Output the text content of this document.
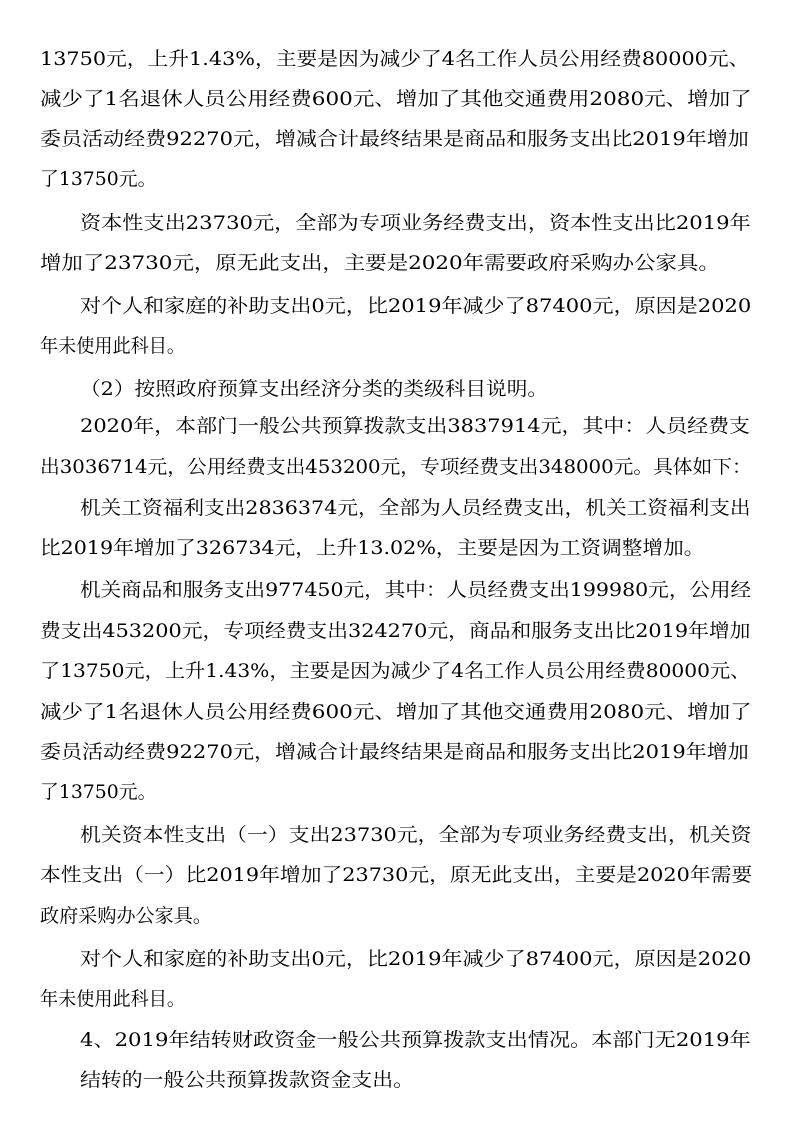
13750元，上升1.43%，主要是因为减少了4名工作人员公用经费80000元、
减少了1名退休人员公用经费600元、增加了其他交通费用2080元、增加了
委员活动经费92270元，增减合计最终结果是商品和服务支出比2019年增加
了13750元。
资本性支出23730元，全部为专项业务经费支出，资本性支出比2019年
增加了23730元，原无此支出，主要是2020年需要政府采购办公家具。
对个人和家庭的补助支出0元，比2019年减少了87400元，原因是2020
年未使用此科目。
（2）按照政府预算支出经济分类的类级科目说明。
2020年，本部门一般公共预算拨款支出3837914元，其中：人员经费支
出3036714元，公用经费支出453200元，专项经费支出348000元。具体如下：
机关工资福利支出2836374元，全部为人员经费支出，机关工资福利支出
比2019年增加了326734元，上升13.02%，主要是因为工资调整增加。
机关商品和服务支出977450元，其中：人员经费支出199980元，公用经
费支出453200元，专项经费支出324270元，商品和服务支出比2019年增加
了13750元，上升1.43%，主要是因为减少了4名工作人员公用经费80000元、
减少了1名退休人员公用经费600元、增加了其他交通费用2080元、增加了
委员活动经费92270元，增减合计最终结果是商品和服务支出比2019年增加
了13750元。
机关资本性支出（一）支出23730元，全部为专项业务经费支出，机关资
本性支出（一）比2019年增加了23730元，原无此支出，主要是2020年需要
政府采购办公家具。
对个人和家庭的补助支出0元，比2019年减少了87400元，原因是2020
年未使用此科目。
4、2019年结转财政资金一般公共预算拨款支出情况。本部门无2019年
结转的一般公共预算拨款资金支出。
